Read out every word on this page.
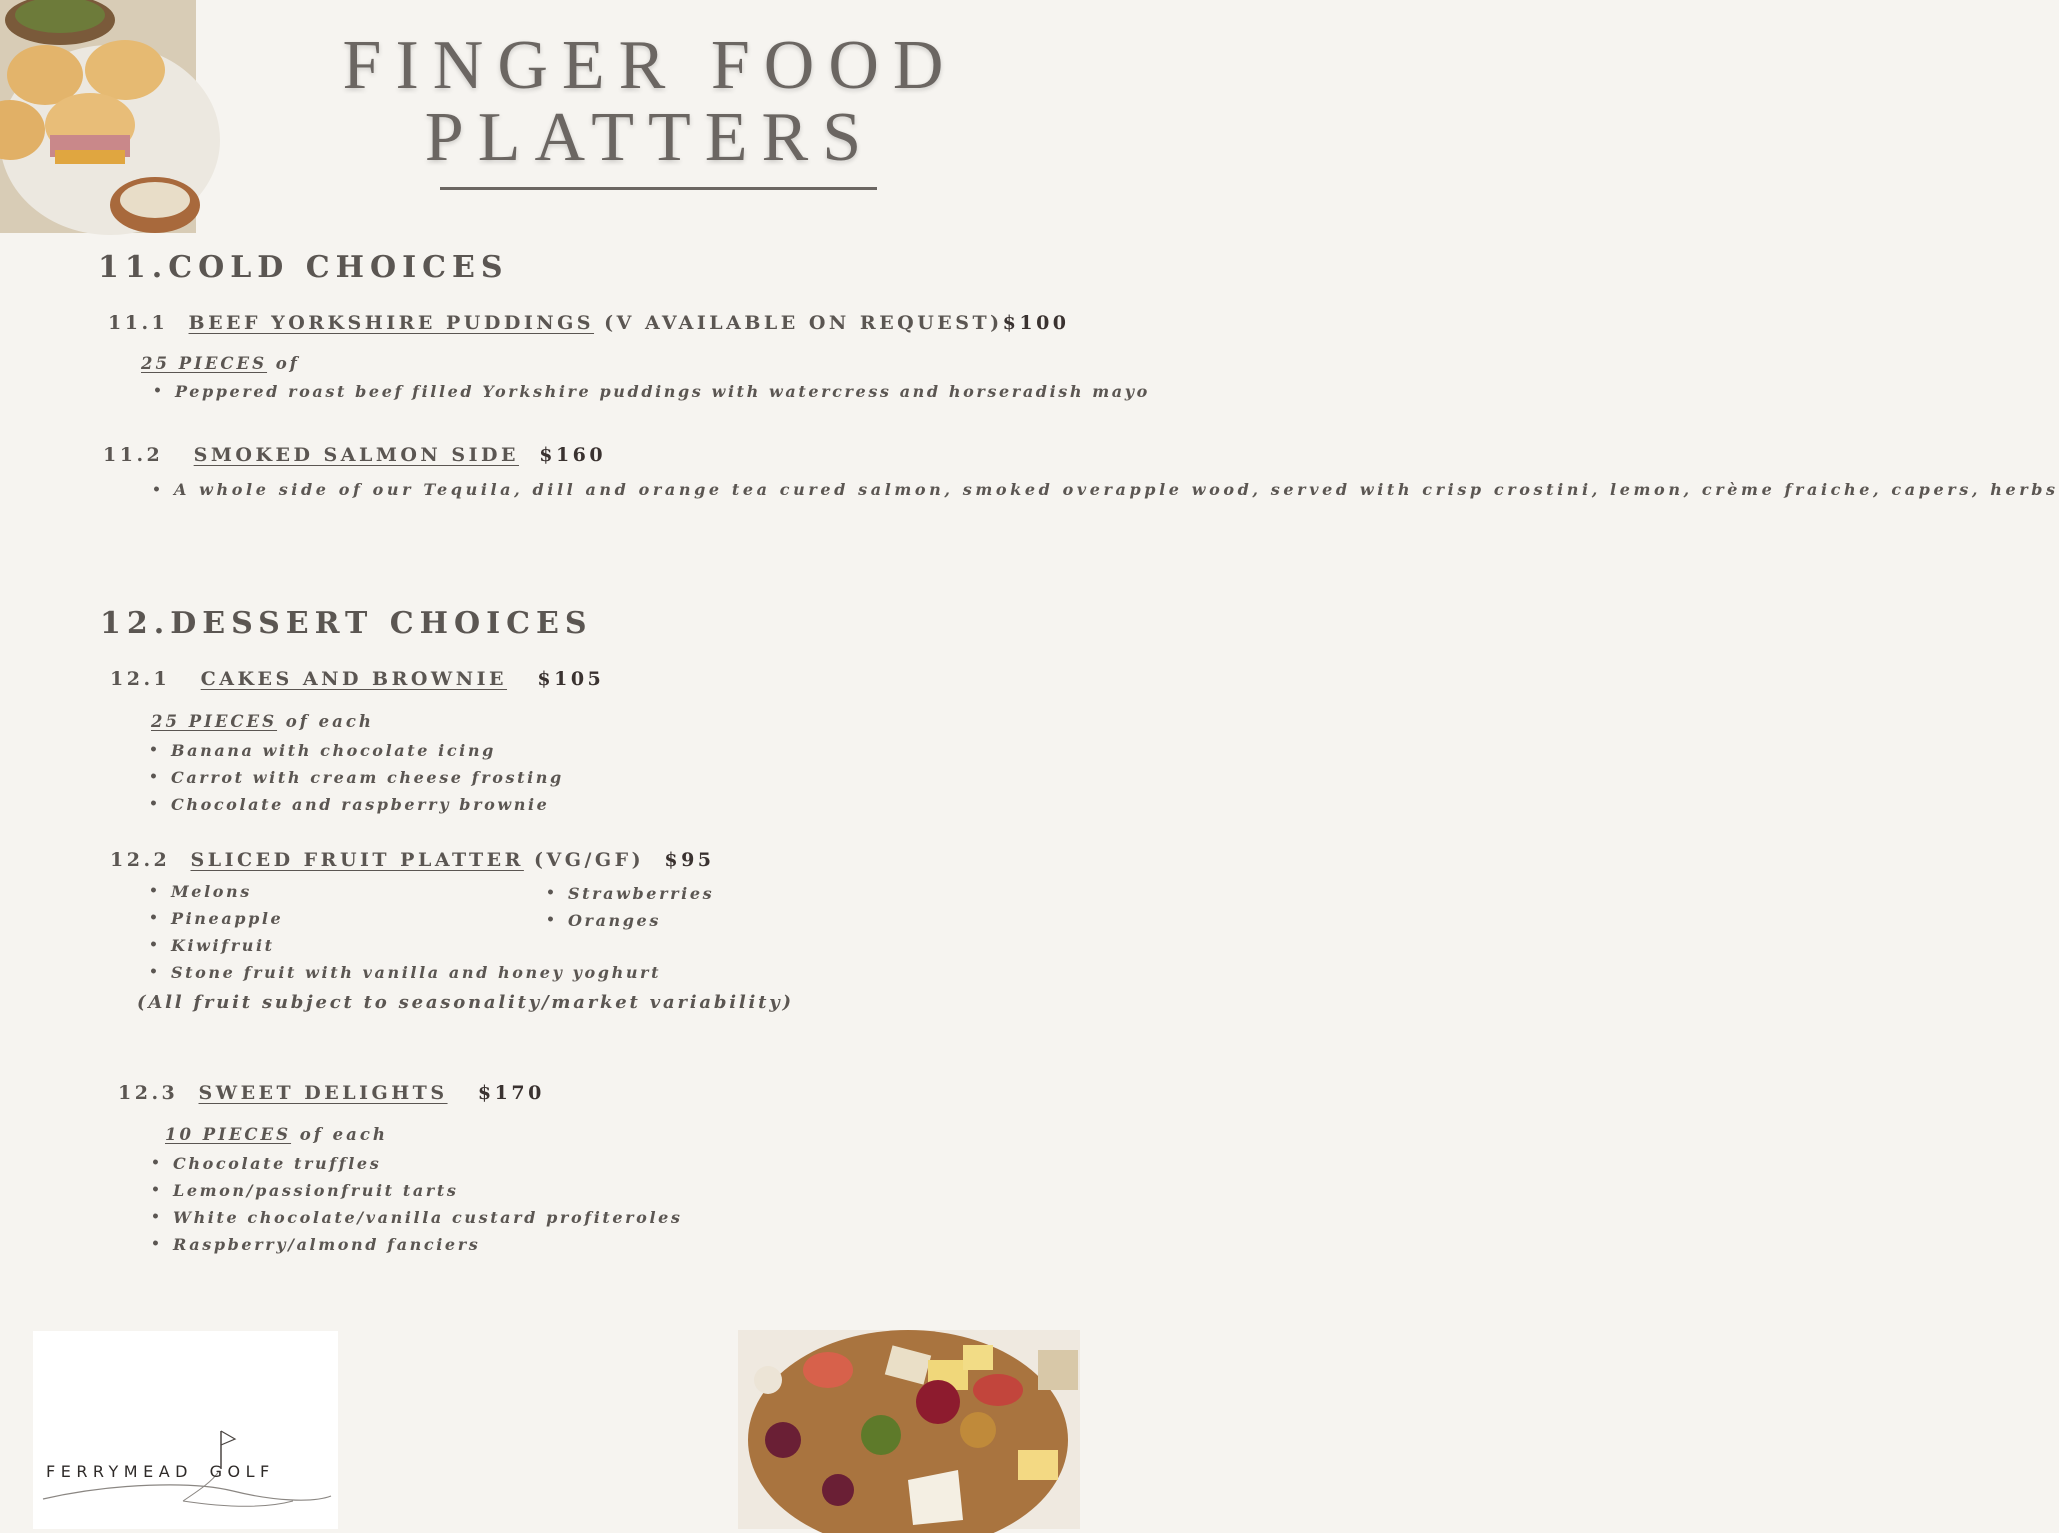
FINGER FOOD
PLATTERS
11.COLD CHOICES
11.1 BEEF YORKSHIRE PUDDINGS (V AVAILABLE ON REQUEST)$100
25 PIECES of
• Peppered roast beef filled Yorkshire puddings with watercress and horseradish mayo
11.2 SMOKED SALMON SIDE $160
• A whole side of our Tequila, dill and orange tea cured salmon, smoked overapple wood, served with crisp crostini, lemon, crème fraiche, capers, herbs
12.DESSERT CHOICES
12.1 CAKES AND BROWNIE $105
25 PIECES of each
• Banana with chocolate icing
• Carrot with cream cheese frosting
• Chocolate and raspberry brownie
12.2 SLICED FRUIT PLATTER (VG/GF) $95
• Melons
• Pineapple
• Kiwifruit
• Stone fruit with vanilla and honey yoghurt
• Strawberries
• Oranges
(All fruit subject to seasonality/market variability)
12.3 SWEET DELIGHTS $170
10 PIECES of each
• Chocolate truffles
• Lemon/passionfruit tarts
• White chocolate/vanilla custard profiteroles
• Raspberry/almond fanciers
FERRYMEAD GOLF
